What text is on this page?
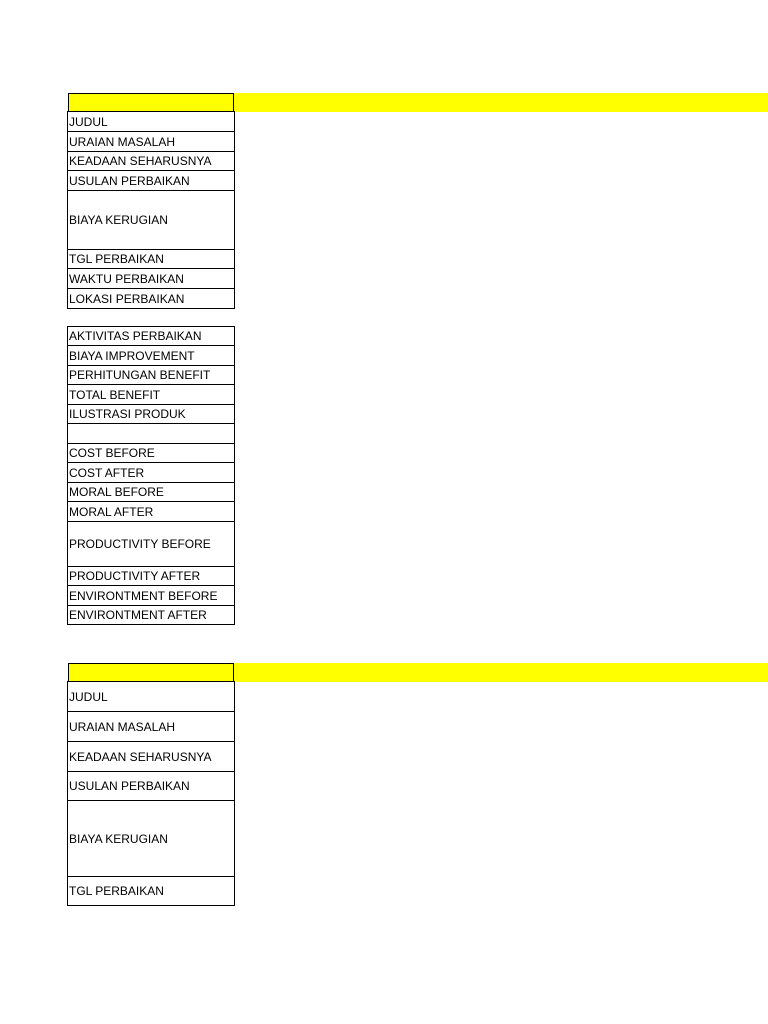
JUDUL
URAIAN MASALAH
KEADAAN SEHARUSNYA
USULAN PERBAIKAN
BIAYA KERUGIAN
TGL PERBAIKAN
WAKTU PERBAIKAN
LOKASI PERBAIKAN
AKTIVITAS PERBAIKAN
BIAYA IMPROVEMENT
PERHITUNGAN BENEFIT
TOTAL BENEFIT
ILUSTRASI PRODUK

COST BEFORE
COST AFTER
MORAL BEFORE
MORAL AFTER
PRODUCTIVITY BEFORE
PRODUCTIVITY AFTER
ENVIRONTMENT BEFORE
ENVIRONTMENT AFTER
JUDUL
URAIAN MASALAH
KEADAAN SEHARUSNYA
USULAN PERBAIKAN
BIAYA KERUGIAN
TGL PERBAIKAN
